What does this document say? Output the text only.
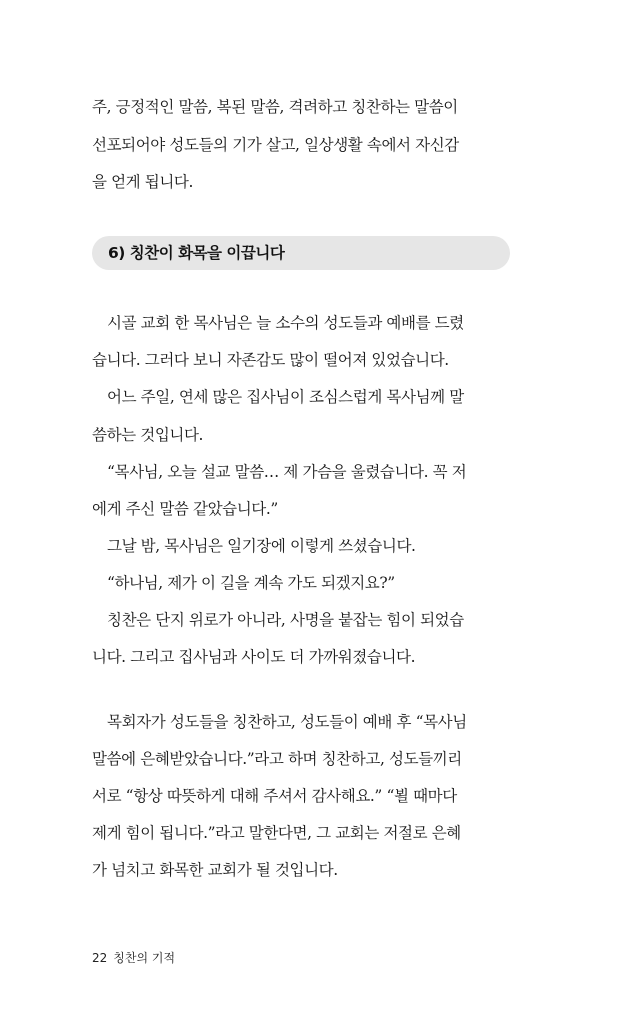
주, 긍정적인 말씀, 복된 말씀, 격려하고 칭찬하는 말씀이
선포되어야 성도들의 기가 살고, 일상생활 속에서 자신감
을 얻게 됩니다.
6) 칭찬이 화목을 이끕니다
시골 교회 한 목사님은 늘 소수의 성도들과 예배를 드렸
습니다. 그러다 보니 자존감도 많이 떨어져 있었습니다.
어느 주일, 연세 많은 집사님이 조심스럽게 목사님께 말
씀하는 것입니다.
“목사님, 오늘 설교 말씀… 제 가슴을 울렸습니다. 꼭 저
에게 주신 말씀 같았습니다.”
그날 밤, 목사님은 일기장에 이렇게 쓰셨습니다.
“하나님, 제가 이 길을 계속 가도 되겠지요?”
칭찬은 단지 위로가 아니라, 사명을 붙잡는 힘이 되었습
니다. 그리고 집사님과 사이도 더 가까워졌습니다.
목회자가 성도들을 칭찬하고, 성도들이 예배 후 “목사님
말씀에 은혜받았습니다.”라고 하며 칭찬하고, 성도들끼리
서로 “항상 따뜻하게 대해 주셔서 감사해요.” “뵐 때마다
제게 힘이 됩니다.”라고 말한다면, 그 교회는 저절로 은혜
가 넘치고 화목한 교회가 될 것입니다.
22 칭찬의 기적
